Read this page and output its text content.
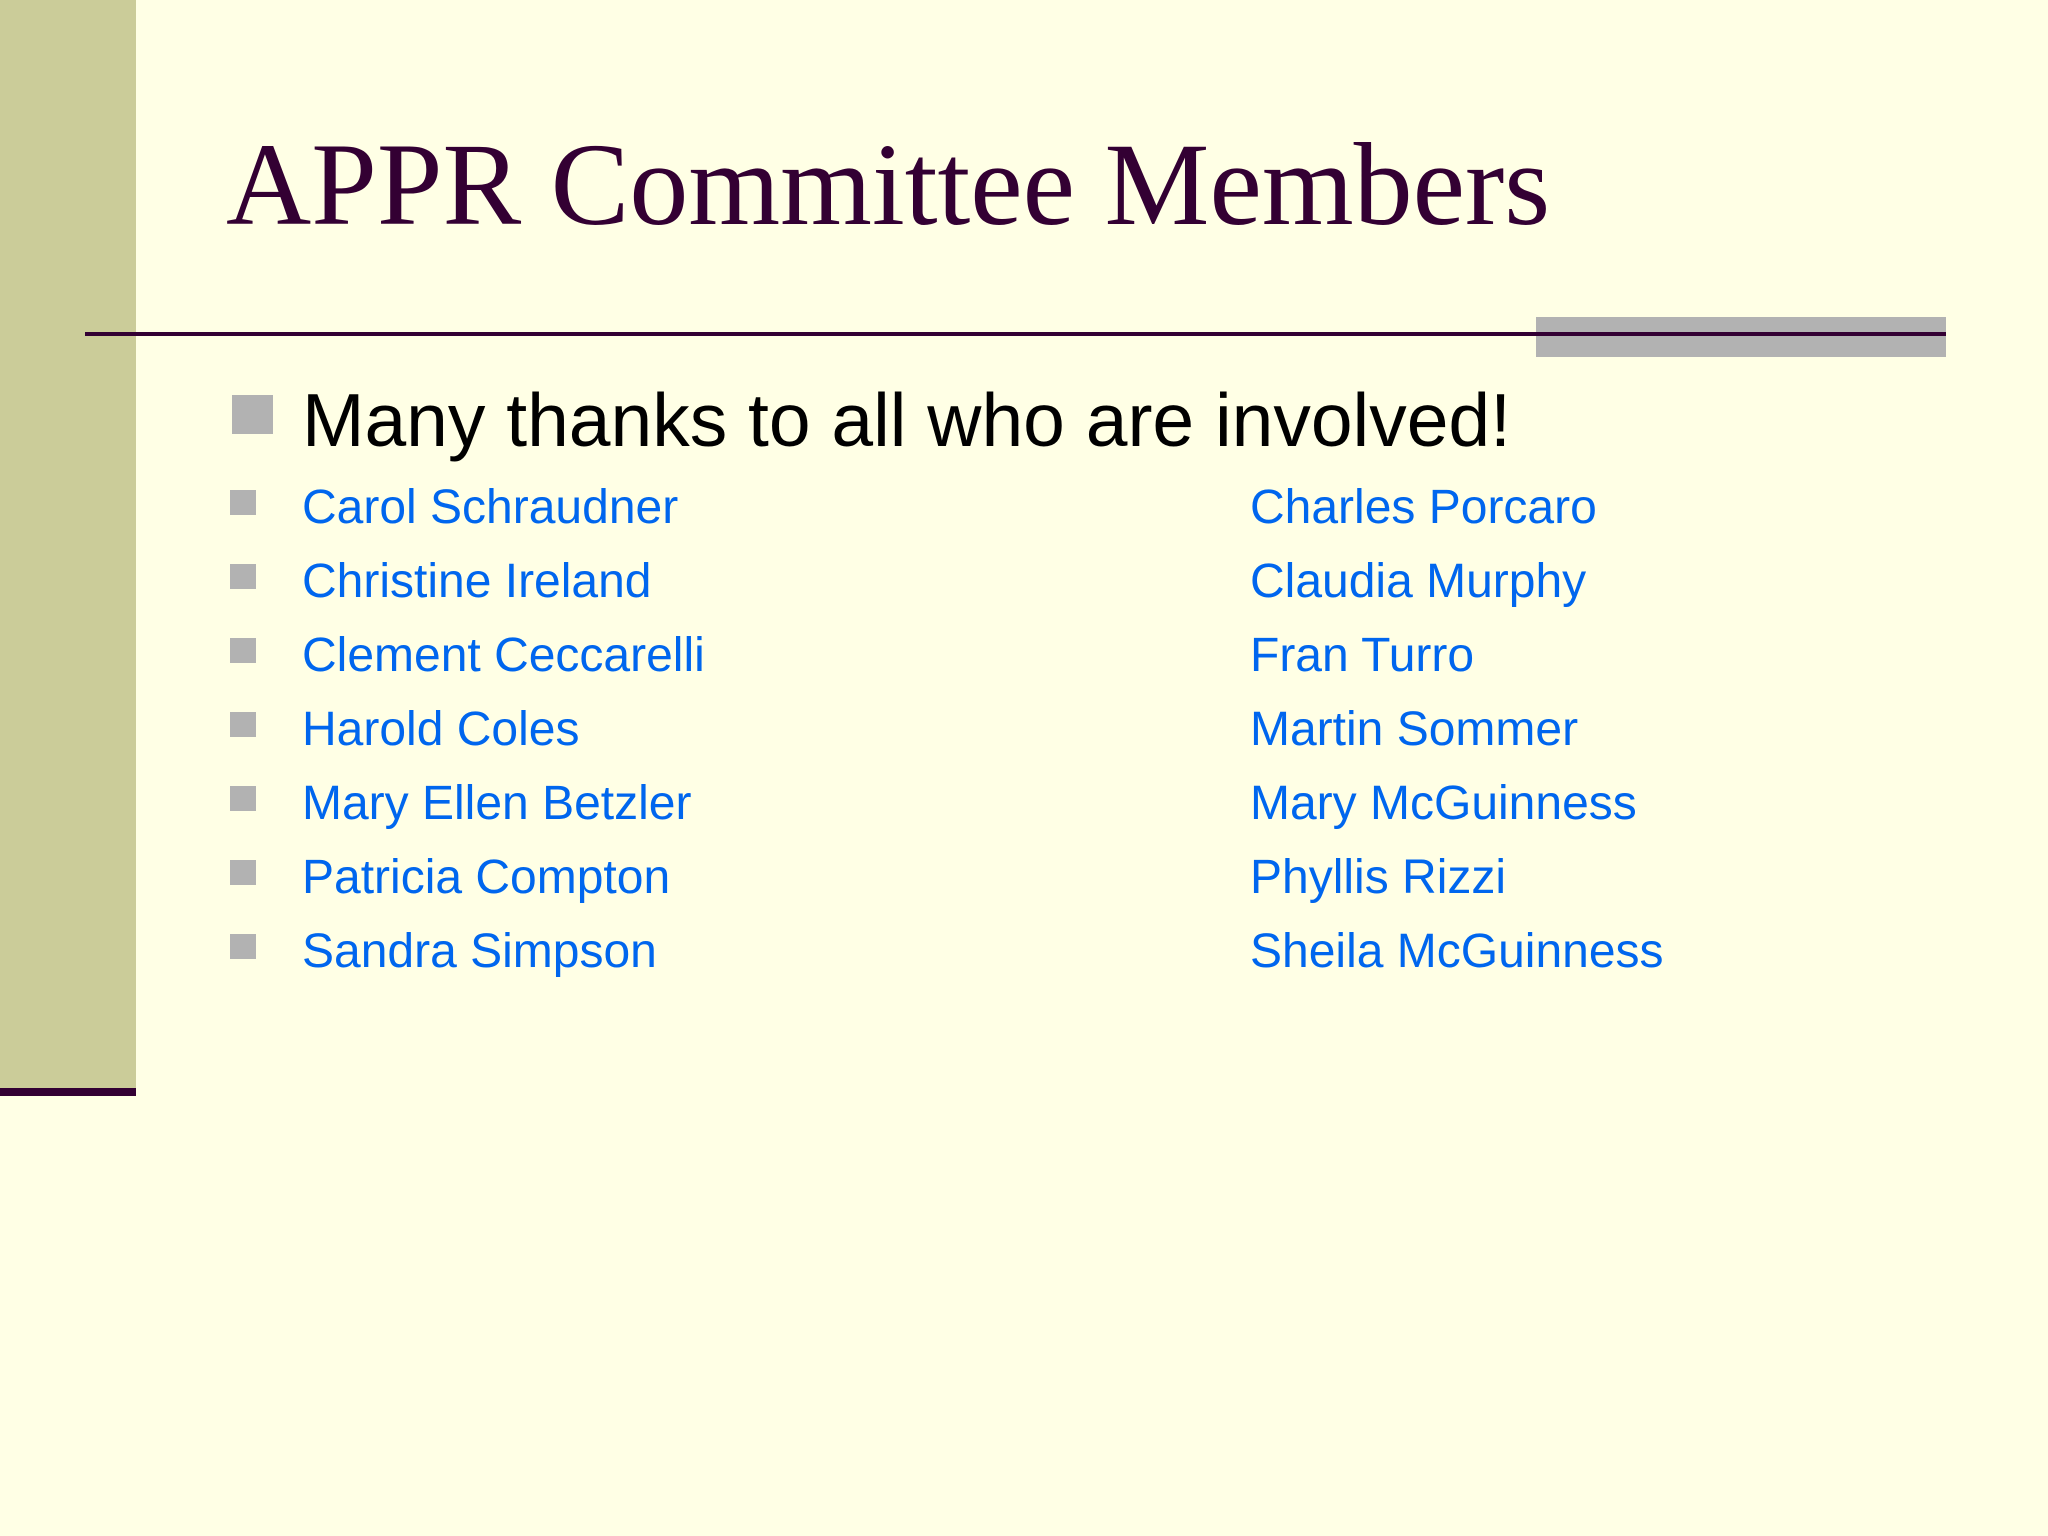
APPR Committee Members

Many thanks to all who are involved!

Carol Schraudner	Charles Porcaro
Christine Ireland	Claudia Murphy
Clement Ceccarelli	Fran Turro
Harold Coles	Martin Sommer
Mary Ellen Betzler	Mary McGuinness
Patricia Compton	Phyllis Rizzi
Sandra Simpson	Sheila McGuinness
